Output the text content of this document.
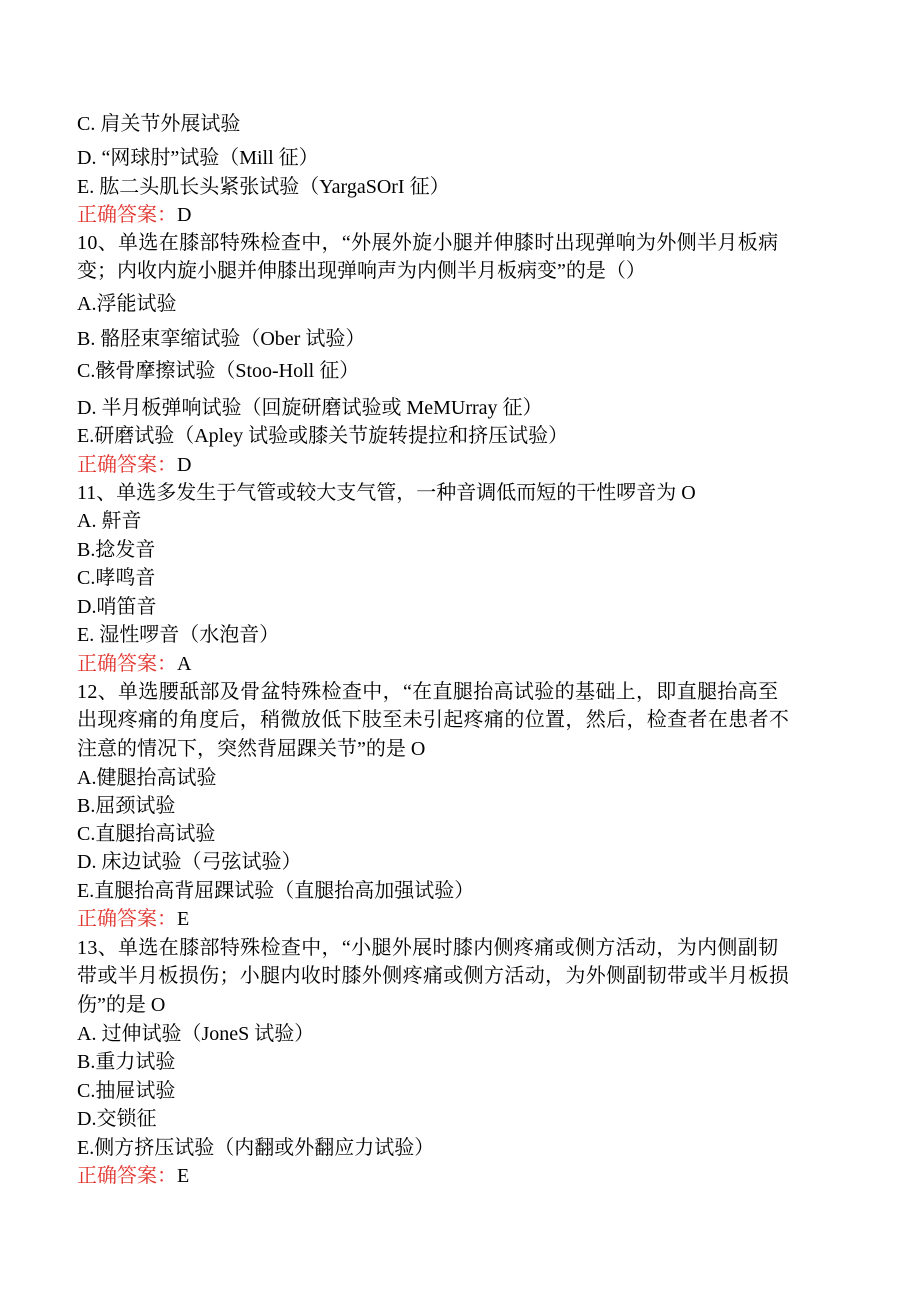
C. 肩关节外展试验
D. “网球肘”试验（Mill 征）
E. 肱二头肌长头紧张试验（YargaSOrI 征）
正确答案：D
10、单选在膝部特殊检查中，“外展外旋小腿并伸膝时出现弹响为外侧半月板病
变；内收内旋小腿并伸膝出现弹响声为内侧半月板病变”的是（）
A.浮能试验
B. 骼胫束挛缩试验（Ober 试验）
C.骸骨摩擦试验（Stoo-Holl 征）
D. 半月板弹响试验（回旋研磨试验或 MeMUrray 征）
E.研磨试验（Apley 试验或膝关节旋转提拉和挤压试验）
正确答案：D
11、单选多发生于气管或较大支气管，一种音调低而短的干性啰音为 O
A. 鼾音
B.捻发音
C.哮鸣音
D.哨笛音
E. 湿性啰音（水泡音）
正确答案：A
12、单选腰舐部及骨盆特殊检查中，“在直腿抬高试验的基础上，即直腿抬高至
出现疼痛的角度后，稍微放低下肢至未引起疼痛的位置，然后，检查者在患者不
注意的情况下，突然背屈踝关节”的是 O
A.健腿抬高试验
B.屈颈试验
C.直腿抬高试验
D. 床边试验（弓弦试验）
E.直腿抬高背屈踝试验（直腿抬高加强试验）
正确答案：E
13、单选在膝部特殊检查中，“小腿外展时膝内侧疼痛或侧方活动，为内侧副韧
带或半月板损伤；小腿内收时膝外侧疼痛或侧方活动，为外侧副韧带或半月板损
伤”的是 O
A. 过伸试验（JoneS 试验）
B.重力试验
C.抽屉试验
D.交锁征
E.侧方挤压试验（内翻或外翻应力试验）
正确答案：E
